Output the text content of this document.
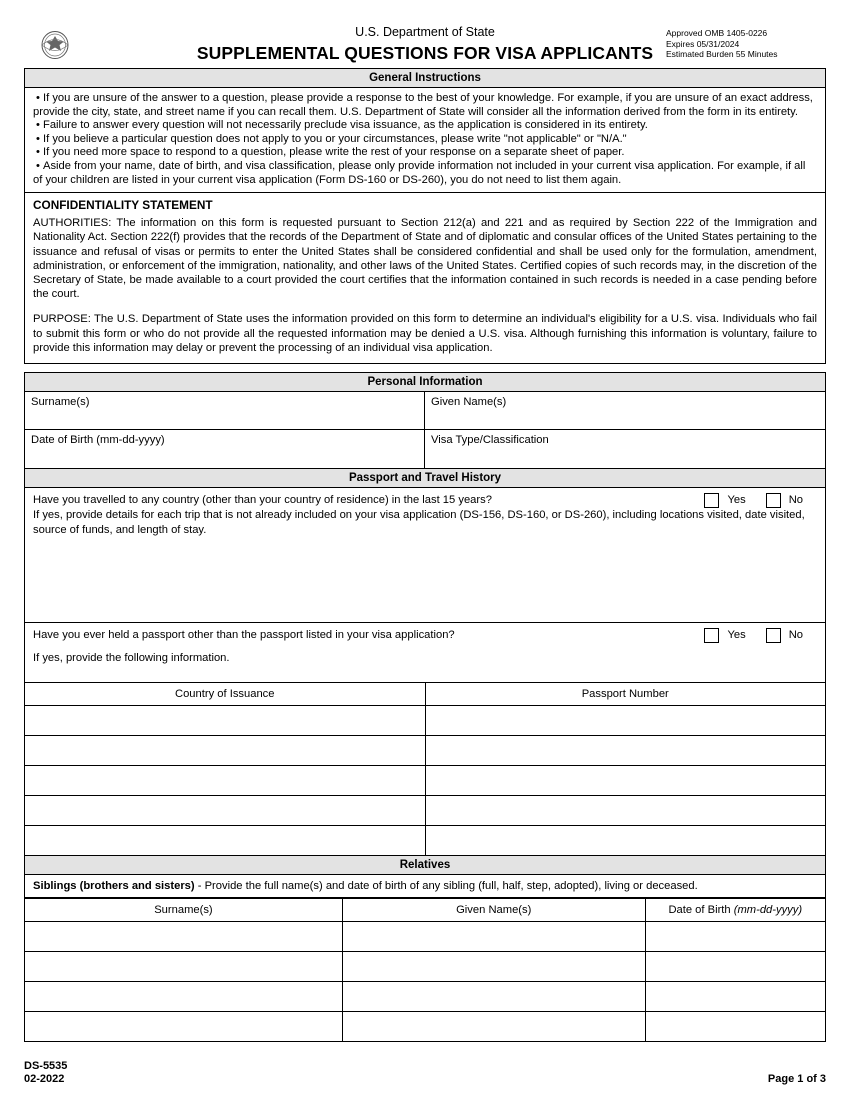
U.S. Department of State
SUPPLEMENTAL QUESTIONS FOR VISA APPLICANTS
Approved OMB 1405-0226
Expires 05/31/2024
Estimated Burden 55 Minutes
General Instructions
• If you are unsure of the answer to a question, please provide a response to the best of your knowledge. For example, if you are unsure of an exact address, provide the city, state, and street name if you can recall them. U.S. Department of State will consider all the information derived from the form in its entirety.
• Failure to answer every question will not necessarily preclude visa issuance, as the application is considered in its entirety.
• If you believe a particular question does not apply to you or your circumstances, please write "not applicable" or "N/A."
• If you need more space to respond to a question, please write the rest of your response on a separate sheet of paper.
• Aside from your name, date of birth, and visa classification, please only provide information not included in your current visa application. For example, if all of your children are listed in your current visa application (Form DS-160 or DS-260), you do not need to list them again.
CONFIDENTIALITY STATEMENT

AUTHORITIES: The information on this form is requested pursuant to Section 212(a) and 221 and as required by Section 222 of the Immigration and Nationality Act. Section 222(f) provides that the records of the Department of State and of diplomatic and consular offices of the United States pertaining to the issuance and refusal of visas or permits to enter the United States shall be considered confidential and shall be used only for the formulation, amendment, administration, or enforcement of the immigration, nationality, and other laws of the United States. Certified copies of such records may, in the discretion of the Secretary of State, be made available to a court provided the court certifies that the information contained in such records is needed in a case pending before the court.

PURPOSE: The U.S. Department of State uses the information provided on this form to determine an individual's eligibility for a U.S. visa. Individuals who fail to submit this form or who do not provide all the requested information may be denied a U.S. visa. Although furnishing this information is voluntary, failure to provide this information may delay or prevent the processing of an individual visa application.

Personal Information
Surname(s)	Given Name(s)
Date of Birth (mm-dd-yyyy)	Visa Type/Classification
Passport and Travel History
Yes	No
Have you travelled to any country (other than your country of residence) in the last 15 years?
If yes, provide details for each trip that is not already included on your visa application (DS-156, DS-160, or DS-260), including locations visited, date visited, source of funds, and length of stay.
Yes	No
Have you ever held a passport other than the passport listed in your visa application?
If yes, provide the following information.
Country of Issuance	Passport Number

Relatives
Siblings (brothers and sisters) - Provide the full name(s) and date of birth of any sibling (full, half, step, adopted), living or deceased.
Surname(s)	Given Name(s)	Date of Birth (mm-dd-yyyy)

DS-5535
02-2022	Page 1 of 3
